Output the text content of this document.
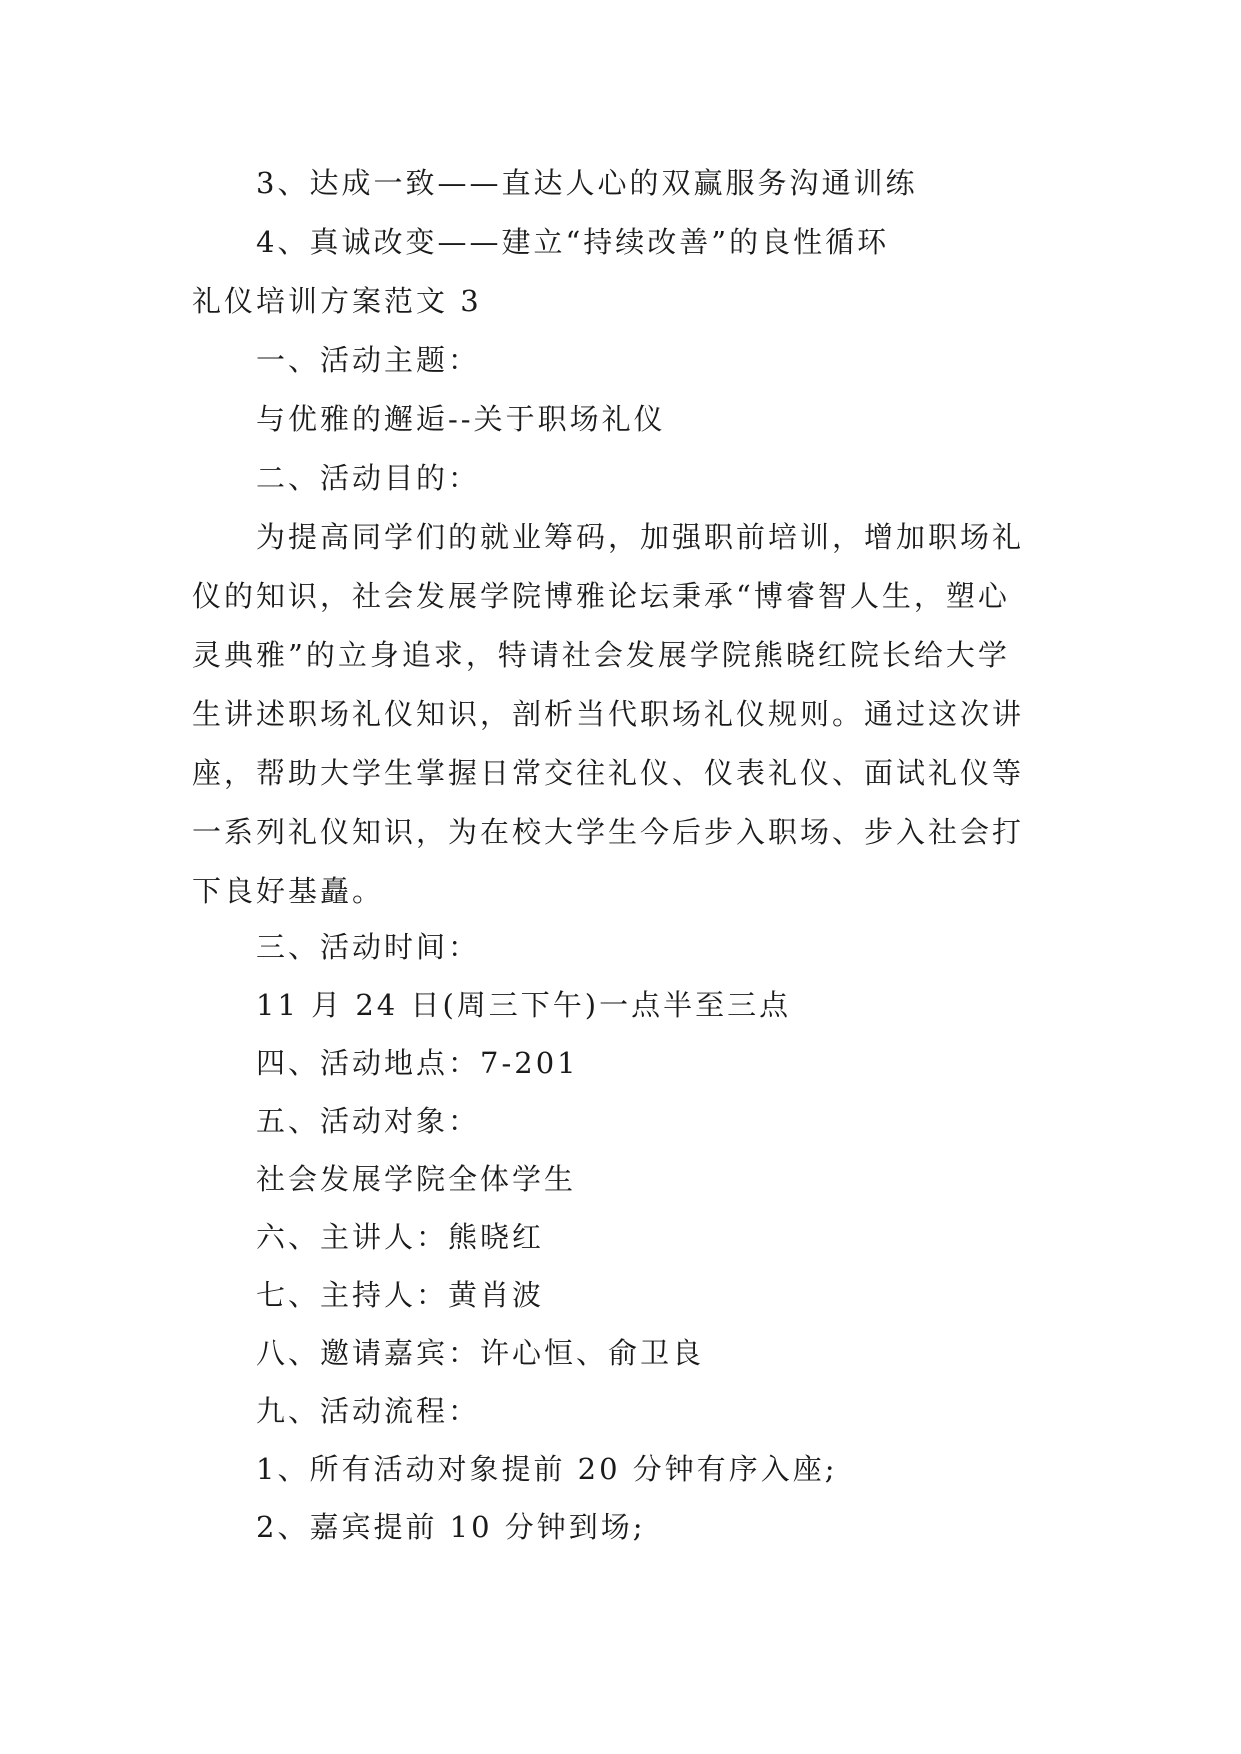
3、达成一致——直达人心的双赢服务沟通训练
4、真诚改变——建立“持续改善”的良性循环
礼仪培训方案范文 3
一、活动主题：
与优雅的邂逅--关于职场礼仪
二、活动目的：
为提高同学们的就业筹码，加强职前培训，增加职场礼
仪的知识，社会发展学院博雅论坛秉承“博睿智人生，塑心
灵典雅”的立身追求，特请社会发展学院熊晓红院长给大学
生讲述职场礼仪知识，剖析当代职场礼仪规则。通过这次讲
座，帮助大学生掌握日常交往礼仪、仪表礼仪、面试礼仪等
一系列礼仪知识，为在校大学生今后步入职场、步入社会打
下良好基矗。
三、活动时间：
11 月 24 日(周三下午)一点半至三点
四、活动地点：7-201
五、活动对象：
社会发展学院全体学生
六、主讲人：熊晓红
七、主持人：黄肖波
八、邀请嘉宾：许心恒、俞卫良
九、活动流程：
1、所有活动对象提前 20 分钟有序入座;
2、嘉宾提前 10 分钟到场;
